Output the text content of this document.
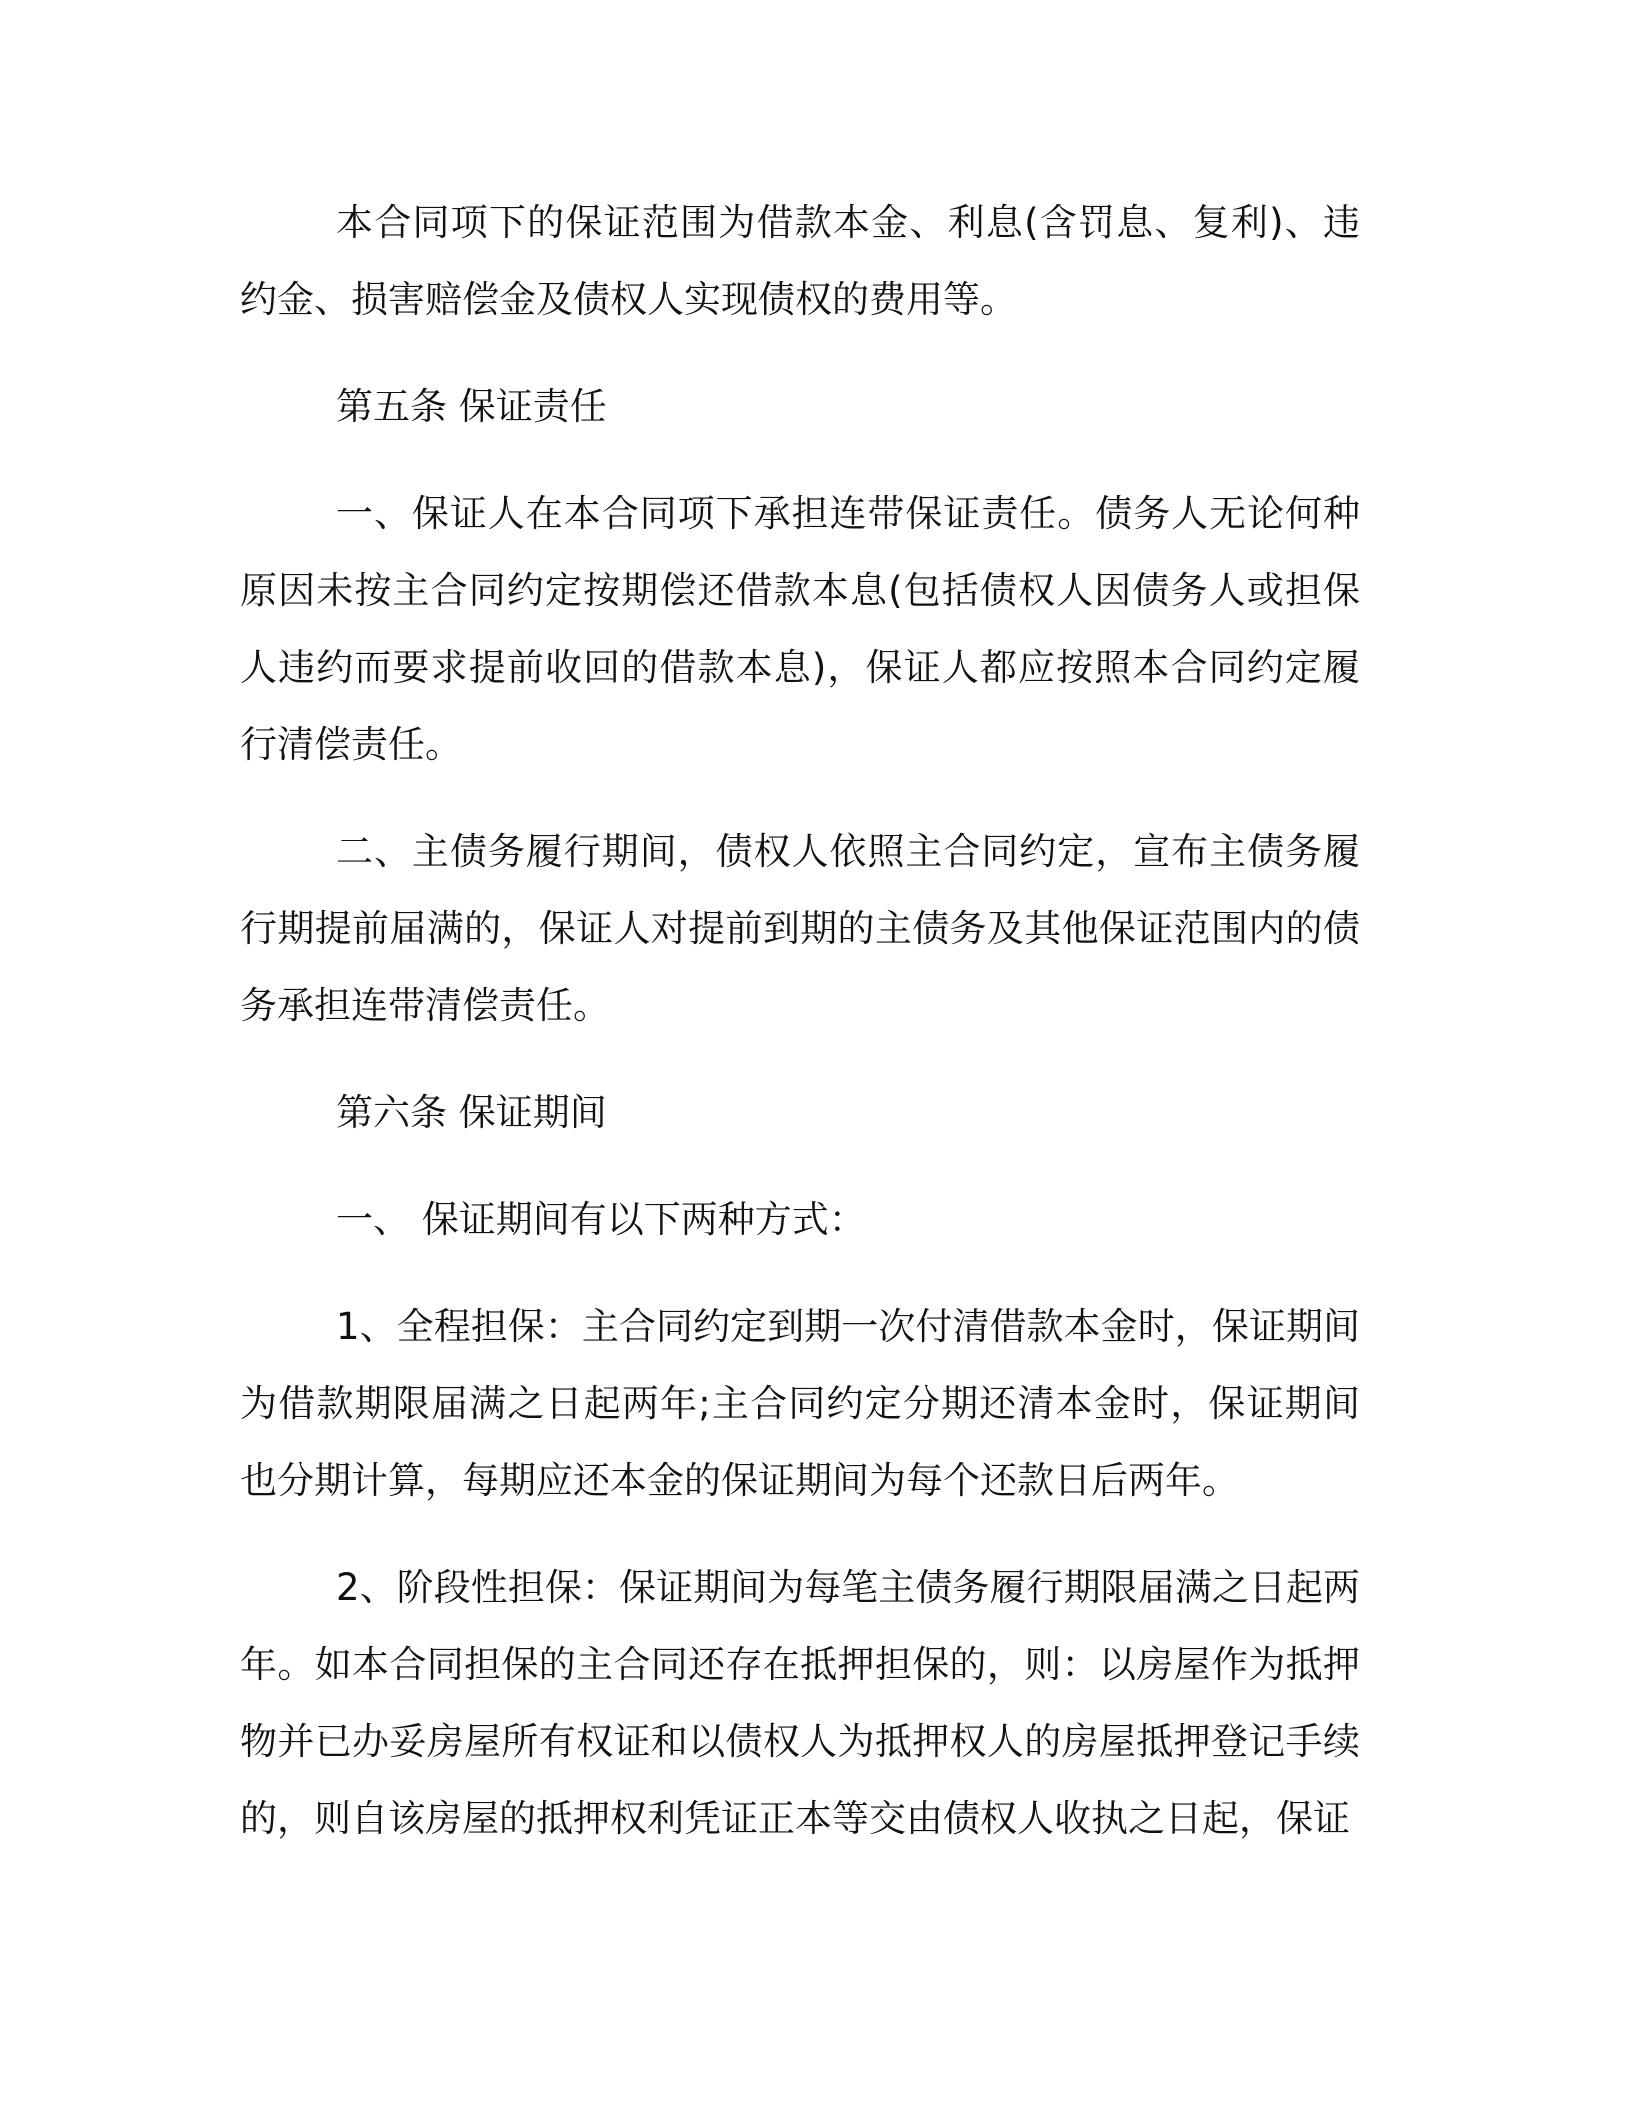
本合同项下的保证范围为借款本金、利息(含罚息、复利)、违约金、损害赔偿金及债权人实现债权的费用等。

第五条 保证责任

一、保证人在本合同项下承担连带保证责任。债务人无论何种原因未按主合同约定按期偿还借款本息(包括债权人因债务人或担保人违约而要求提前收回的借款本息)，保证人都应按照本合同约定履行清偿责任。

二、主债务履行期间，债权人依照主合同约定，宣布主债务履行期提前届满的，保证人对提前到期的主债务及其他保证范围内的债务承担连带清偿责任。

第六条 保证期间

一、 保证期间有以下两种方式：

1、全程担保：主合同约定到期一次付清借款本金时，保证期间为借款期限届满之日起两年;主合同约定分期还清本金时，保证期间也分期计算，每期应还本金的保证期间为每个还款日后两年。

2、阶段性担保：保证期间为每笔主债务履行期限届满之日起两年。如本合同担保的主合同还存在抵押担保的，则：以房屋作为抵押物并已办妥房屋所有权证和以债权人为抵押权人的房屋抵押登记手续的，则自该房屋的抵押权利凭证正本等交由债权人收执之日起，保证
